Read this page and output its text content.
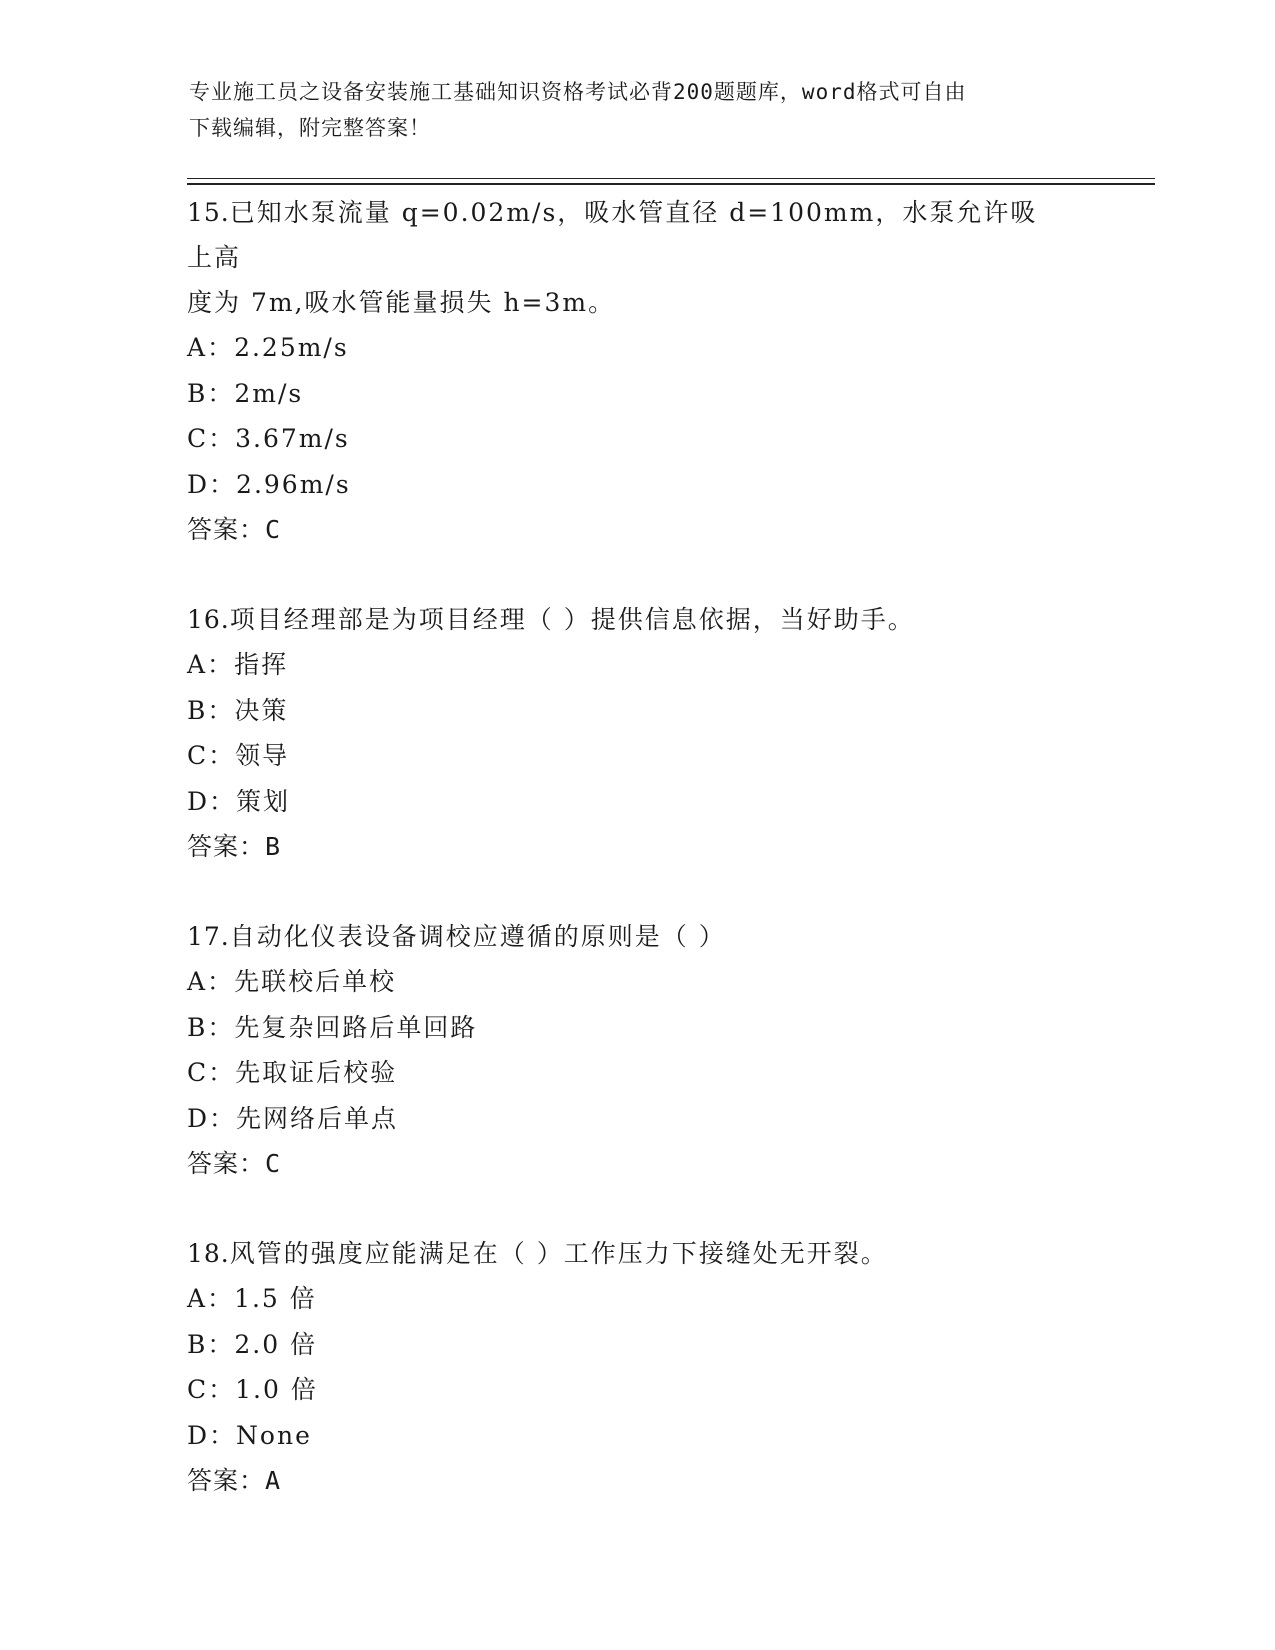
专业施工员之设备安装施工基础知识资格考试必背200题题库，word格式可自由
下载编辑，附完整答案！
15.已知水泵流量 q=0.02m/s，吸水管直径 d=100mm，水泵允许吸上高
度为 7m,吸水管能量损失 h=3m。
A：2.25m/s
B：2m/s
C：3.67m/s
D：2.96m/s
答案：C
16.项目经理部是为项目经理（ ）提供信息依据，当好助手。
A：指挥
B：决策
C：领导
D：策划
答案：B
17.自动化仪表设备调校应遵循的原则是（ ）
A：先联校后单校
B：先复杂回路后单回路
C：先取证后校验
D：先网络后单点
答案：C
18.风管的强度应能满足在（ ）工作压力下接缝处无开裂。
A：1.5 倍
B：2.0 倍
C：1.0 倍
D：None
答案：A
